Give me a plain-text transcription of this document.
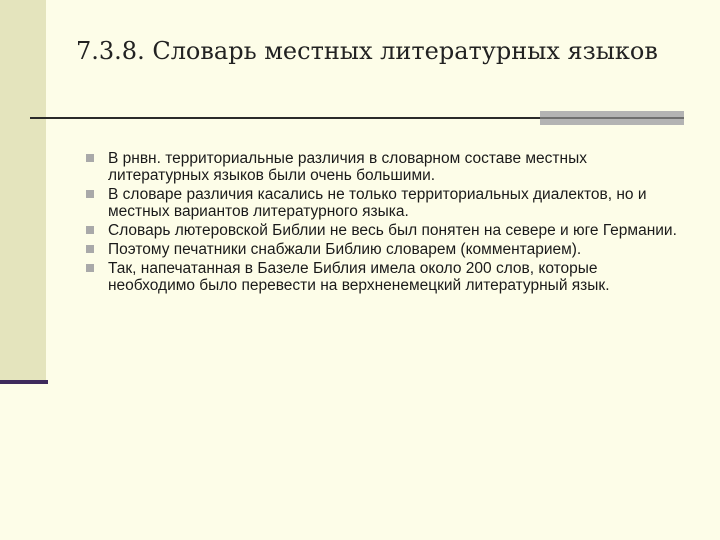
7.3.8. Словарь местных литературных языков
В рнвн. территориальные различия в словарном составе местных литературных языков были очень большими.
В словаре различия касались не только территориальных диалектов, но и местных вариантов литературного языка.
Словарь лютеровской Библии не весь был понятен на севере и юге Германии.
Поэтому печатники снабжали Библию словарем (комментарием).
Так, напечатанная в Базеле Библия имела около 200 слов, которые необходимо было перевести на верхненемецкий литературный язык.
